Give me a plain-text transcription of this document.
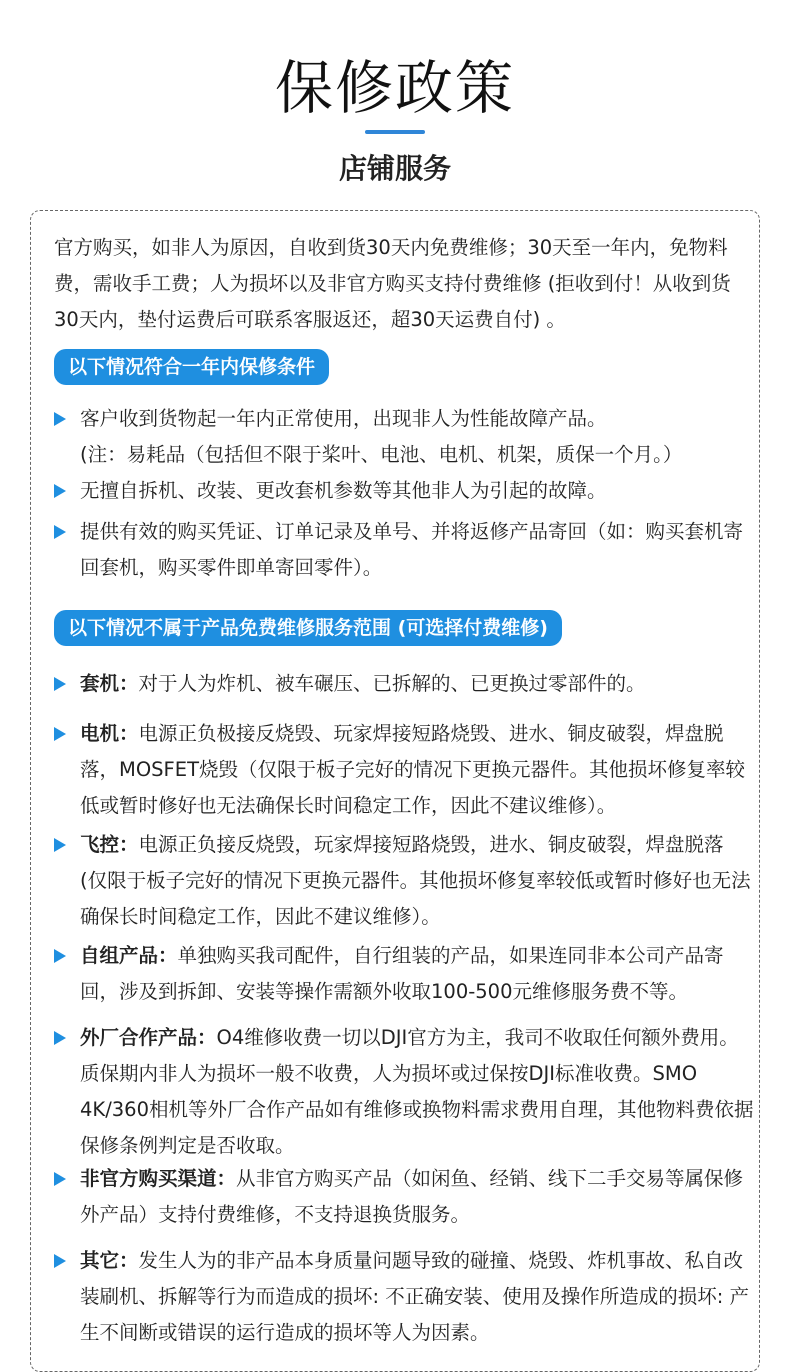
保修政策
店铺服务
官方购买，如非人为原因，自收到货30天内免费维修；30天至一年内，免物料费，需收手工费；人为损坏以及非官方购买支持付费维修 (拒收到付！从收到货30天内，垫付运费后可联系客服返还，超30天运费自付) 。
以下情况符合一年内保修条件
客户收到货物起一年内正常使用，出现非人为性能故障产品。
(注：易耗品（包括但不限于桨叶、电池、电机、机架，质保一个月。）
无擅自拆机、改装、更改套机参数等其他非人为引起的故障。
提供有效的购买凭证、订单记录及单号、并将返修产品寄回（如：购买套机寄回套机，购买零件即单寄回零件）。
以下情况不属于产品免费维修服务范围 (可选择付费维修)
套机：对于人为炸机、被车碾压、已拆解的、已更换过零部件的。
电机：电源正负极接反烧毁、玩家焊接短路烧毁、进水、铜皮破裂，焊盘脱落，MOSFET烧毁（仅限于板子完好的情况下更换元器件。其他损坏修复率较低或暂时修好也无法确保长时间稳定工作，因此不建议维修）。
飞控：电源正负接反烧毁，玩家焊接短路烧毁，进水、铜皮破裂，焊盘脱落 (仅限于板子完好的情况下更换元器件。其他损坏修复率较低或暂时修好也无法确保长时间稳定工作，因此不建议维修）。
自组产品：单独购买我司配件，自行组装的产品，如果连同非本公司产品寄回，涉及到拆卸、安装等操作需额外收取100-500元维修服务费不等。
外厂合作产品：O4维修收费一切以DJI官方为主，我司不收取任何额外费用。质保期内非人为损坏一般不收费，人为损坏或过保按DJI标准收费。SMO 4K/360相机等外厂合作产品如有维修或换物料需求费用自理，其他物料费依据保修条例判定是否收取。
非官方购买渠道：从非官方购买产品（如闲鱼、经销、线下二手交易等属保修外产品）支持付费维修，不支持退换货服务。
其它：发生人为的非产品本身质量问题导致的碰撞、烧毁、炸机事故、私自改装刷机、拆解等行为而造成的损坏: 不正确安装、使用及操作所造成的损坏: 产生不间断或错误的运行造成的损坏等人为因素。
